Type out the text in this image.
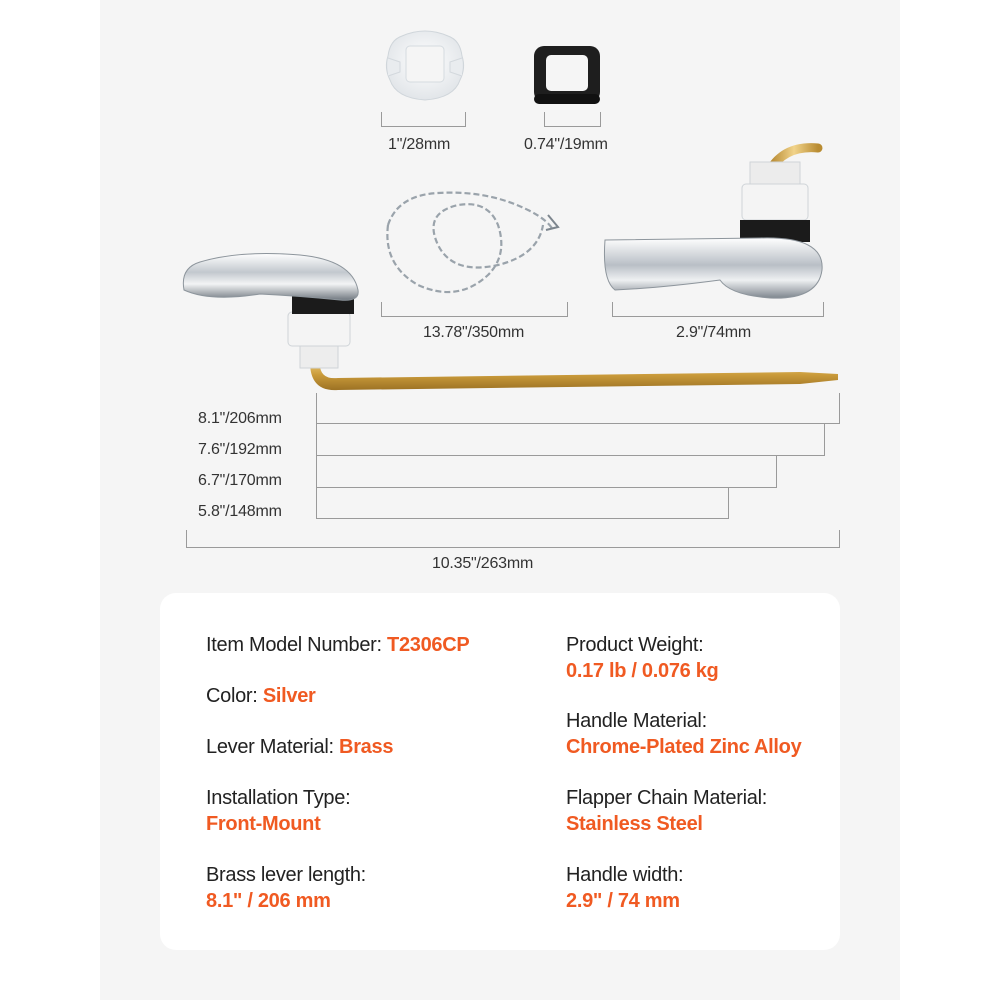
1"/28mm	0.74"/19mm
13.78"/350mm	2.9"/74mm
8.1"/206mm
7.6"/192mm
6.7"/170mm
5.8"/148mm
10.35"/263mm
Item Model Number: T2306CP
Color: Silver
Lever Material: Brass
Installation Type:
Front-Mount
Brass lever length:
8.1" / 206 mm
Product Weight:
0.17 lb / 0.076 kg
Handle Material:
Chrome-Plated Zinc Alloy
Flapper Chain Material:
Stainless Steel
Handle width:
2.9" / 74 mm
